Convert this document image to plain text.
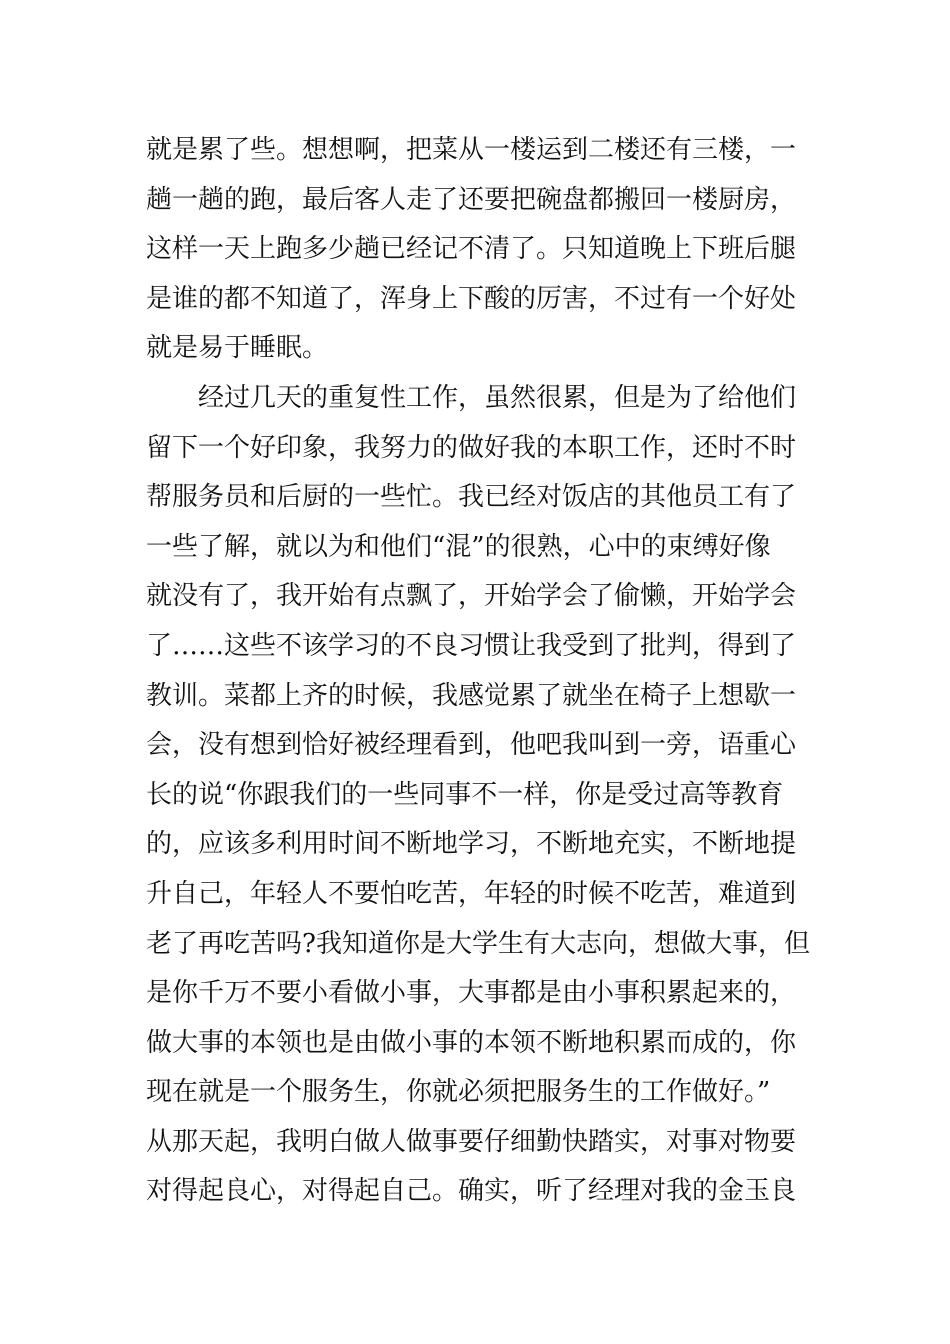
就是累了些。想想啊，把菜从一楼运到二楼还有三楼，一
趟一趟的跑，最后客人走了还要把碗盘都搬回一楼厨房，
这样一天上跑多少趟已经记不清了。只知道晚上下班后腿
是谁的都不知道了，浑身上下酸的厉害，不过有一个好处
就是易于睡眠。
　　经过几天的重复性工作，虽然很累，但是为了给他们
留下一个好印象，我努力的做好我的本职工作，还时不时
帮服务员和后厨的一些忙。我已经对饭店的其他员工有了
一些了解，就以为和他们“混”的很熟，心中的束缚好像
就没有了，我开始有点飘了，开始学会了偷懒，开始学会
了……这些不该学习的不良习惯让我受到了批判，得到了
教训。菜都上齐的时候，我感觉累了就坐在椅子上想歇一
会，没有想到恰好被经理看到，他吧我叫到一旁，语重心
长的说“你跟我们的一些同事不一样，你是受过高等教育
的，应该多利用时间不断地学习，不断地充实，不断地提
升自己，年轻人不要怕吃苦，年轻的时候不吃苦，难道到
老了再吃苦吗?我知道你是大学生有大志向，想做大事，但
是你千万不要小看做小事，大事都是由小事积累起来的，
做大事的本领也是由做小事的本领不断地积累而成的，你
现在就是一个服务生，你就必须把服务生的工作做好。”
从那天起，我明白做人做事要仔细勤快踏实，对事对物要
对得起良心，对得起自己。确实，听了经理对我的金玉良
